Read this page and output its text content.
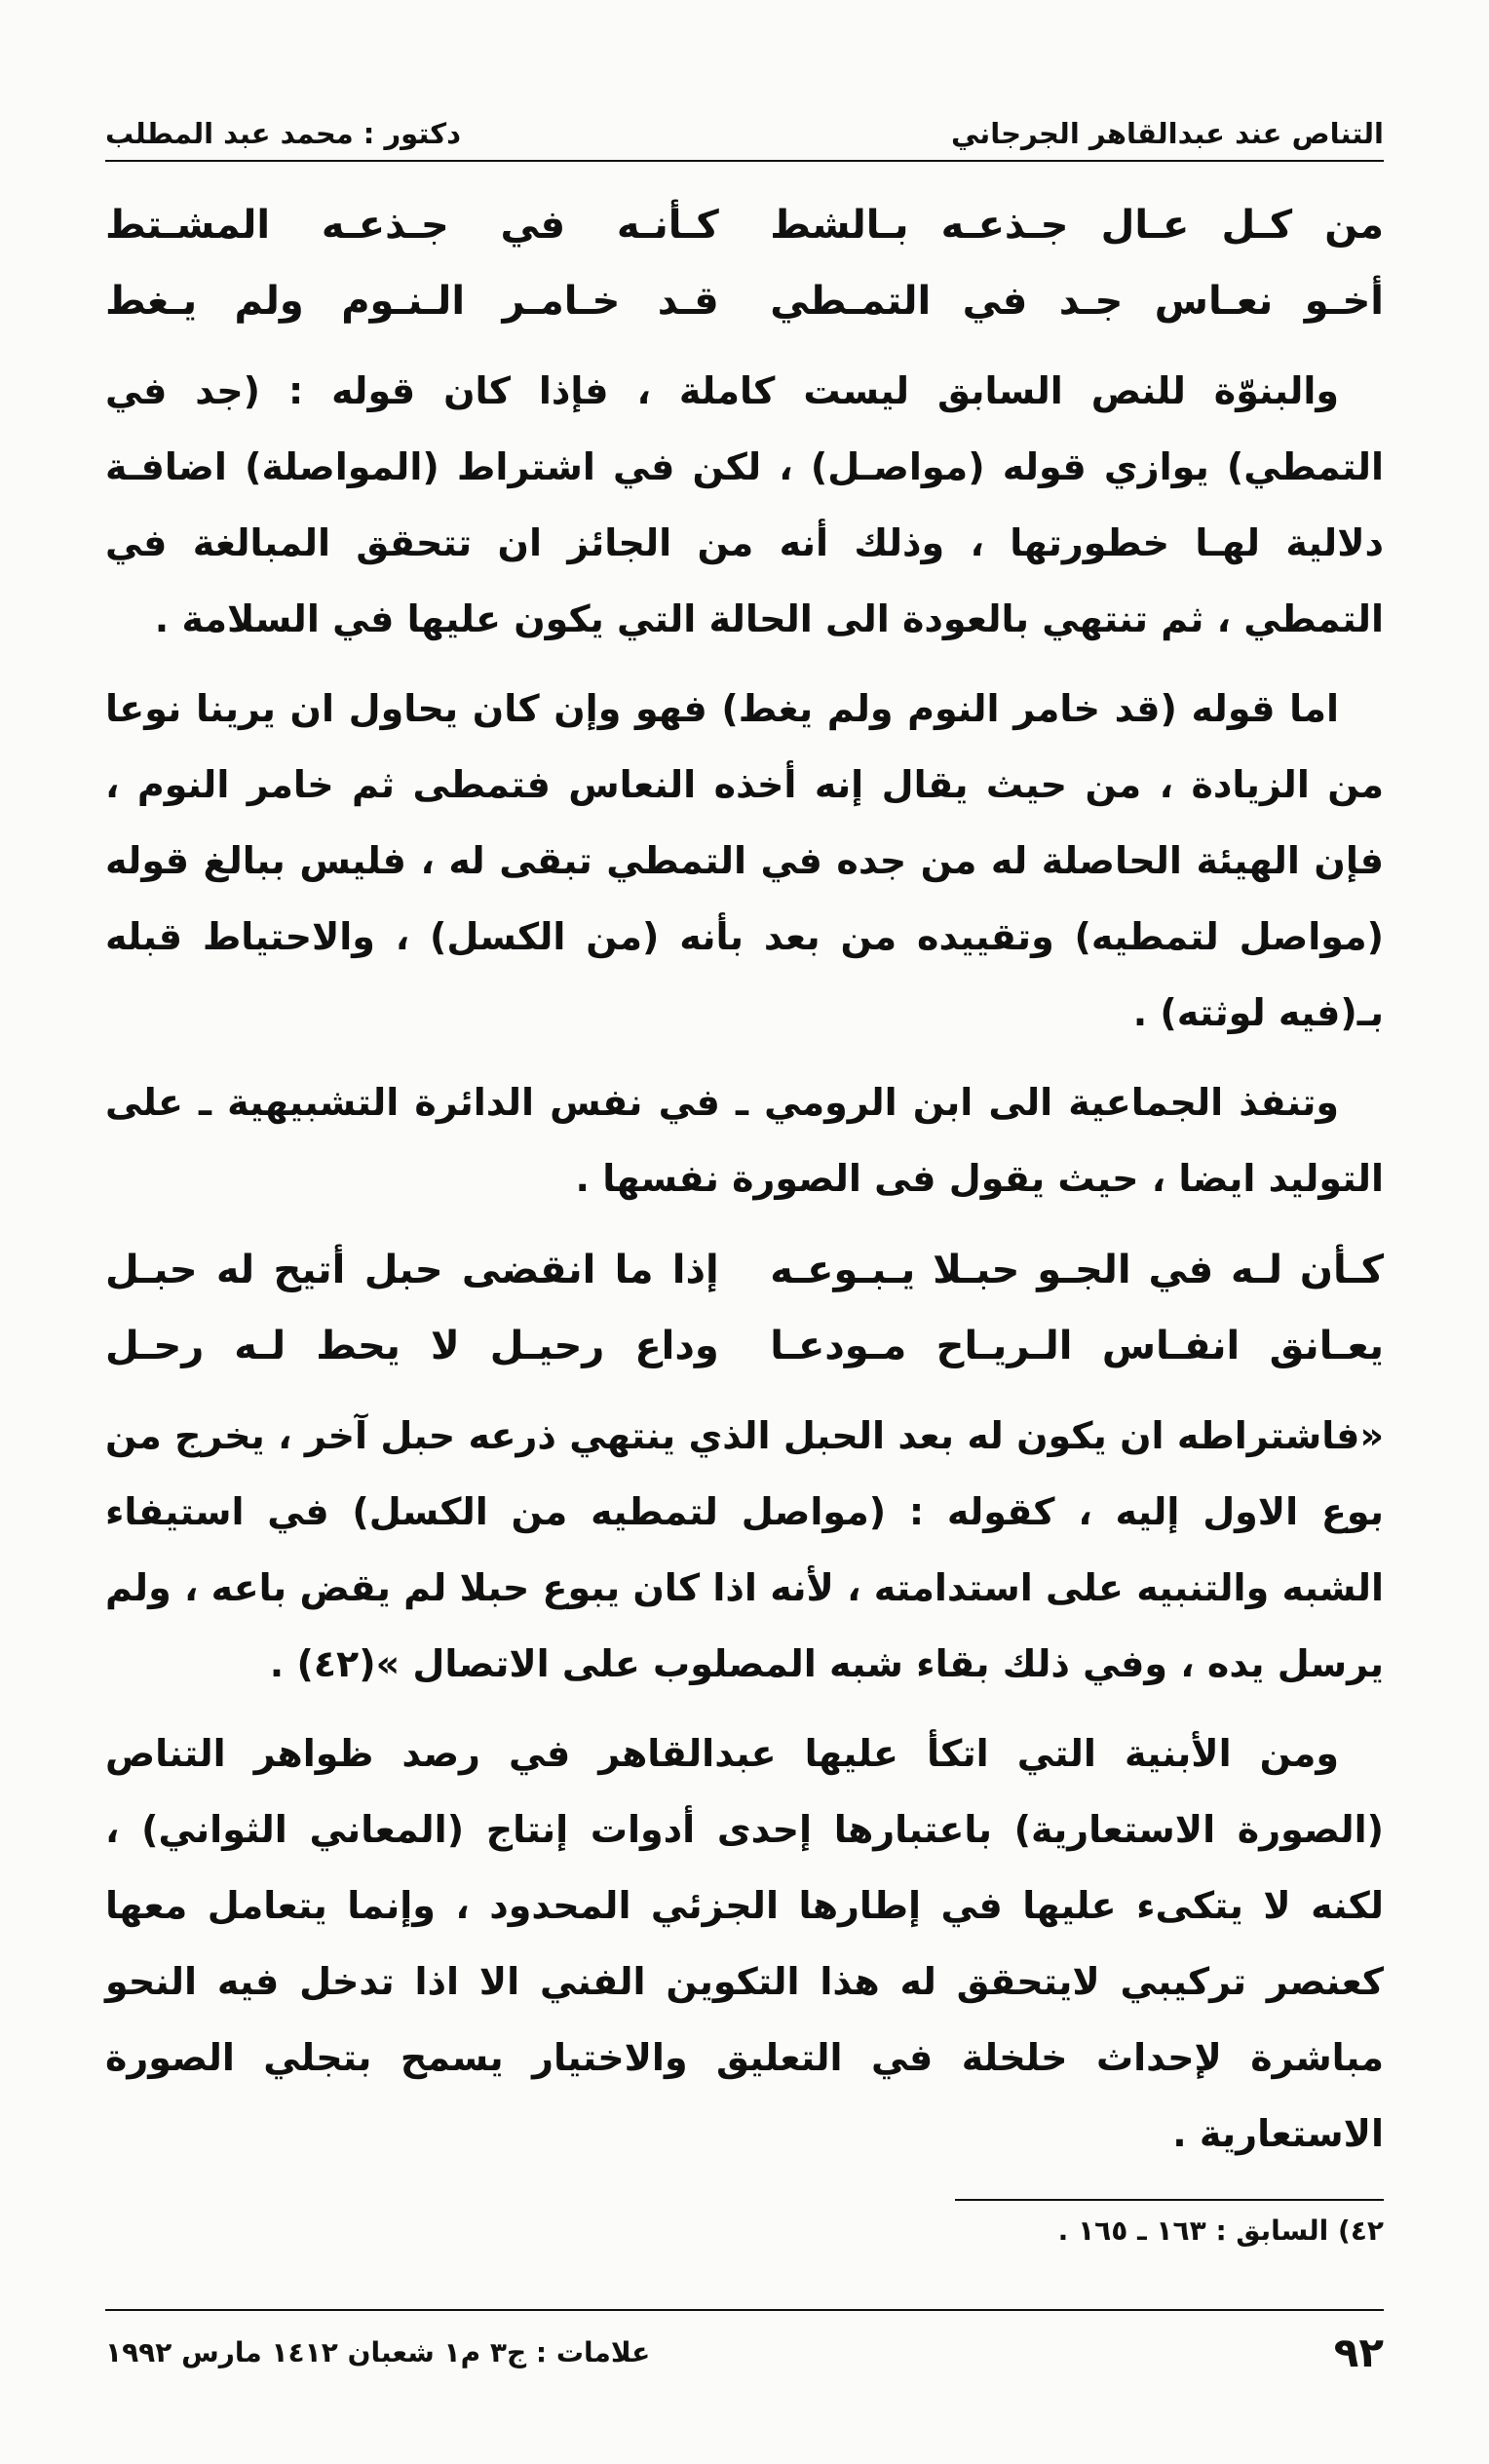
التناص عند عبدالقاهر الجرجاني
دكتور : محمد عبد المطلب
من كـل عـال جـذعـه بـالشط
كـأنـه في جـذعـه المشـتط
أخـو نعـاس جـد في التمـطي
قـد خـامـر الـنـوم ولم يـغط

والبنوّة للنص السابق ليست كاملة ، فإذا كان قوله : (جد في التمطي) يوازي قوله (مواصـل) ، لكن في اشتراط (المواصلة) اضافـة دلالية لهـا خطورتها ، وذلك أنه من الجائز ان تتحقق المبالغة في التمطي ، ثم تنتهي بالعودة الى الحالة التي يكون عليها في السلامة .

اما قوله (قد خامر النوم ولم يغط) فهو وإن كان يحاول ان يرينا نوعا من الزيادة ، من حيث يقال إنه أخذه النعاس فتمطى ثم خامر النوم ، فإن الهيئة الحاصلة له من جده في التمطي تبقى له ، فليس ببالغ قوله (مواصل لتمطيه) وتقييده من بعد بأنه (من الكسل) ، والاحتياط قبله بـ(فيه لوثته) .

وتنفذ الجماعية الى ابن الرومي ـ في نفس الدائرة التشبيهية ـ على التوليد ايضا ، حيث يقول فى الصورة نفسها .

كـأن لـه في الجـو حبـلا يـبـوعـه
إذا ما انقضى حبل أتيح له حبـل
يعـانق انفـاس الـريـاح مـودعـا
وداع رحيـل لا يحط لـه رحـل

«فاشتراطه ان يكون له بعد الحبل الذي ينتهي ذرعه حبل آخر ، يخرج من بوع الاول إليه ، كقوله : (مواصل لتمطيه من الكسل) في استيفاء الشبه والتنبيه على استدامته ، لأنه اذا كان يبوع حبلا لم يقض باعه ، ولم يرسل يده ، وفي ذلك بقاء شبه المصلوب على الاتصال »(٤٢) .

ومن الأبنية التي اتكأ عليها عبدالقاهر في رصد ظواهر التناص (الصورة الاستعارية) باعتبارها إحدى أدوات إنتاج (المعاني الثواني) ، لكنه لا يتكىء عليها في إطارها الجزئي المحدود ، وإنما يتعامل معها كعنصر تركيبي لايتحقق له هذا التكوين الفني الا اذا تدخل فيه النحو مباشرة لإحداث خلخلة في التعليق والاختيار يسمح بتجلي الصورة الاستعارية .

٤٢) السابق : ١٦٣ ـ ١٦٥ .
٩٢
علامات : ج٣ م١ شعبان ١٤١٢ مارس ١٩٩٢
